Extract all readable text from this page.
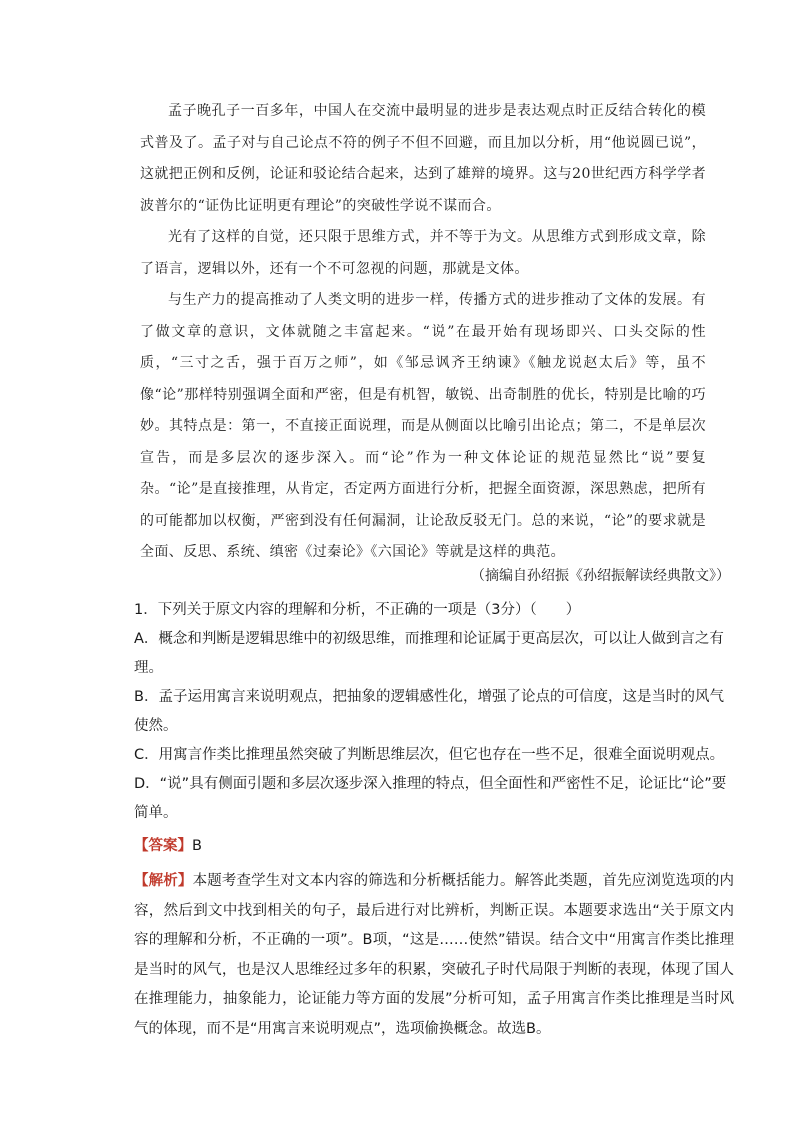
孟子晚孔子一百多年，中国人在交流中最明显的进步是表达观点时正反结合转化的模式普及了。孟子对与自己论点不符的例子不但不回避，而且加以分析，用“他说圆已说”，这就把正例和反例，论证和驳论结合起来，达到了雄辩的境界。这与20世纪西方科学学者波普尔的“证伪比证明更有理论”的突破性学说不谋而合。

光有了这样的自觉，还只限于思维方式，并不等于为文。从思维方式到形成文章，除了语言，逻辑以外，还有一个不可忽视的问题，那就是文体。

与生产力的提高推动了人类文明的进步一样，传播方式的进步推动了文体的发展。有了做文章的意识，文体就随之丰富起来。“说”在最开始有现场即兴、口头交际的性质，“三寸之舌，强于百万之师”，如《邹忌讽齐王纳谏》《触龙说赵太后》等，虽不像“论”那样特别强调全面和严密，但是有机智，敏锐、出奇制胜的优长，特别是比喻的巧妙。其特点是：第一，不直接正面说理，而是从侧面以比喻引出论点；第二，不是单层次宣告，而是多层次的逐步深入。而“论”作为一种文体论证的规范显然比“说”要复杂。“论”是直接推理，从肯定，否定两方面进行分析，把握全面资源，深思熟虑，把所有的可能都加以权衡，严密到没有任何漏洞，让论敌反驳无门。总的来说，“论”的要求就是全面、反思、系统、缜密《过秦论》《六国论》等就是这样的典范。

（摘编自孙绍振《孙绍振解读经典散文》）

1．下列关于原文内容的理解和分析，不正确的一项是（3分）（　　）

A．概念和判断是逻辑思维中的初级思维，而推理和论证属于更高层次，可以让人做到言之有理。

B．孟子运用寓言来说明观点，把抽象的逻辑感性化，增强了论点的可信度，这是当时的风气使然。

C．用寓言作类比推理虽然突破了判断思维层次，但它也存在一些不足，很难全面说明观点。

D．“说”具有侧面引题和多层次逐步深入推理的特点，但全面性和严密性不足，论证比“论”要简单。

【答案】B

【解析】本题考查学生对文本内容的筛选和分析概括能力。解答此类题，首先应浏览选项的内容，然后到文中找到相关的句子，最后进行对比辨析，判断正误。本题要求选出“关于原文内容的理解和分析，不正确的一项”。B项，“这是……使然”错误。结合文中“用寓言作类比推理是当时的风气，也是汉人思维经过多年的积累，突破孔子时代局限于判断的表现，体现了国人在推理能力，抽象能力，论证能力等方面的发展”分析可知，孟子用寓言作类比推理是当时风气的体现，而不是“用寓言来说明观点”，选项偷换概念。故选B。
